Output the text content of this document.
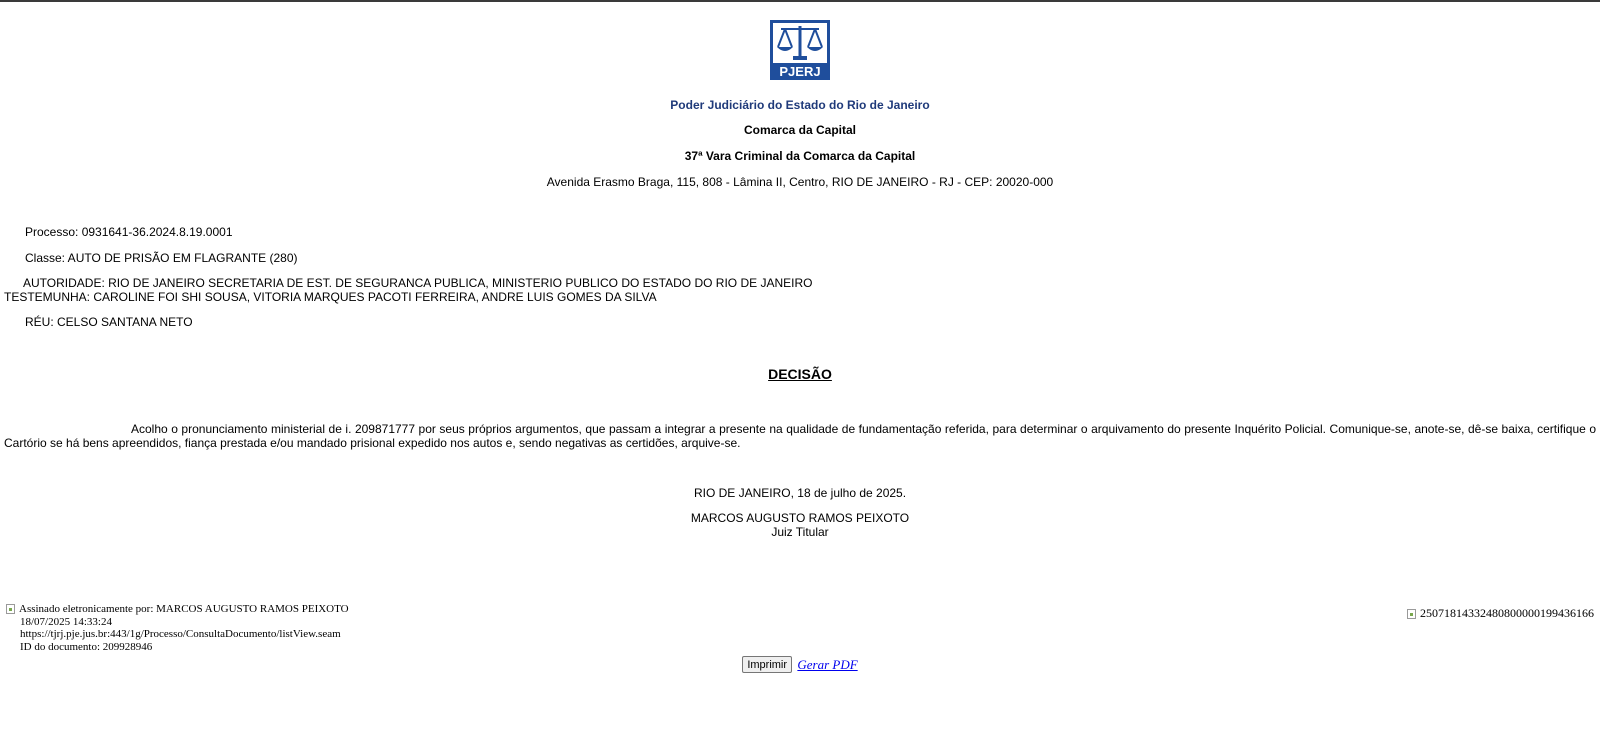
PJERJ
Poder Judiciário do Estado do Rio de Janeiro
Comarca da Capital
37ª Vara Criminal da Comarca da Capital
Avenida Erasmo Braga, 115, 808 - Lâmina II, Centro, RIO DE JANEIRO - RJ - CEP: 20020-000
Processo: 0931641-36.2024.8.19.0001
Classe: AUTO DE PRISÃO EM FLAGRANTE (280)
AUTORIDADE: RIO DE JANEIRO SECRETARIA DE EST. DE SEGURANCA PUBLICA, MINISTERIO PUBLICO DO ESTADO DO RIO DE JANEIRO
TESTEMUNHA: CAROLINE FOI SHI SOUSA, VITORIA MARQUES PACOTI FERREIRA, ANDRE LUIS GOMES DA SILVA
RÉU: CELSO SANTANA NETO
DECISÃO
Acolho o pronunciamento ministerial de i. 209871777 por seus próprios argumentos, que passam a integrar a presente na qualidade de fundamentação referida, para determinar o arquivamento do presente Inquérito Policial. Comunique-se, anote-se, dê-se baixa, certifique o Cartório se há bens apreendidos, fiança prestada e/ou mandado prisional expedido nos autos e, sendo negativas as certidões, arquive-se.
RIO DE JANEIRO, 18 de julho de 2025.
MARCOS AUGUSTO RAMOS PEIXOTO
Juiz Titular
Assinado eletronicamente por: MARCOS AUGUSTO RAMOS PEIXOTO
18/07/2025 14:33:24
https://tjrj.pje.jus.br:443/1g/Processo/ConsultaDocumento/listView.seam
ID do documento: 209928946
25071814332480800000199436166
Imprimir Gerar PDF
